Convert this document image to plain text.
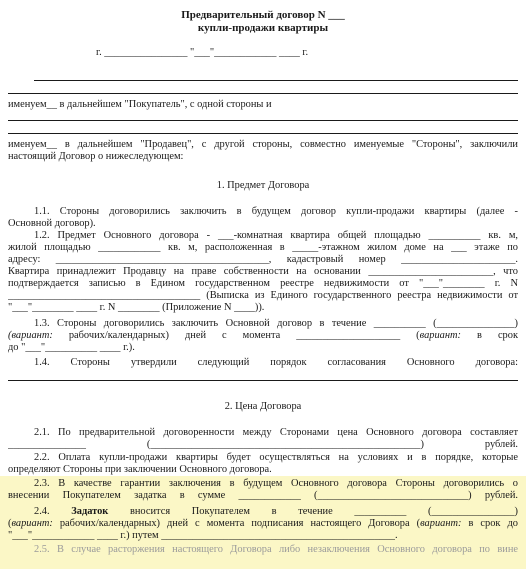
Предварительный договор N ___
купли-продажи квартиры
г. ________________ "___"____________ ____ г.
именуем__ в дальнейшем "Покупатель", с одной стороны и
именуем__ в дальнейшем "Продавец", с другой стороны, совместно именуемые "Стороны", заключили
настоящий Договор о нижеследующем:
1. Предмет Договора
1.1. Стороны договорились заключить в будущем договор купли-продажи квартиры (далее -
Основной договор).
1.2. Предмет Основного договора - ___-комнатная квартира общей площадью __________ кв. м,
жилой площадью ____________ кв. м, расположенная в _____-этажном жилом доме на ___ этаже по
адресу: _________________________________________, кадастровый номер ______________________.
Квартира принадлежит Продавцу на праве собственности на основании ________________________, что
подтверждается записью в Едином государственном реестре недвижимости от "___"________ г. N
_____________________________________ (Выписка из Единого государственного реестра недвижимости от
"___"________ ____ г. N ________ (Приложение N ____)).
1.3. Стороны договорились заключить Основной договор в течение __________ (_______________)
(вариант: рабочих/календарных) дней с момента ____________________ (вариант: в срок
до "___"__________ ____ г.).
1.4. Стороны утвердили следующий порядок согласования Основного договора:
2. Цена Договора
2.1. По предварительной договоренности между Сторонами цена Основного договора составляет
_______________ (____________________________________________________) рублей.
2.2. Оплата купли-продажи квартиры будет осуществляться на условиях и в порядке, которые
определяют Стороны при заключении Основного договора.
2.3. В качестве гарантии заключения в будущем Основного договора Стороны договорились о
внесении Покупателем задатка в сумме ____________ (_____________________________) рублей.
2.4. Задаток вносится Покупателем в течение __________ (________________)
(вариант: рабочих/календарных) дней с момента подписания настоящего Договора (вариант: в срок до
"___"____________ ____ г.) путем _____________________________________________.
2.5. В случае расторжения настоящего Договора либо незаключения Основного договора по вине
